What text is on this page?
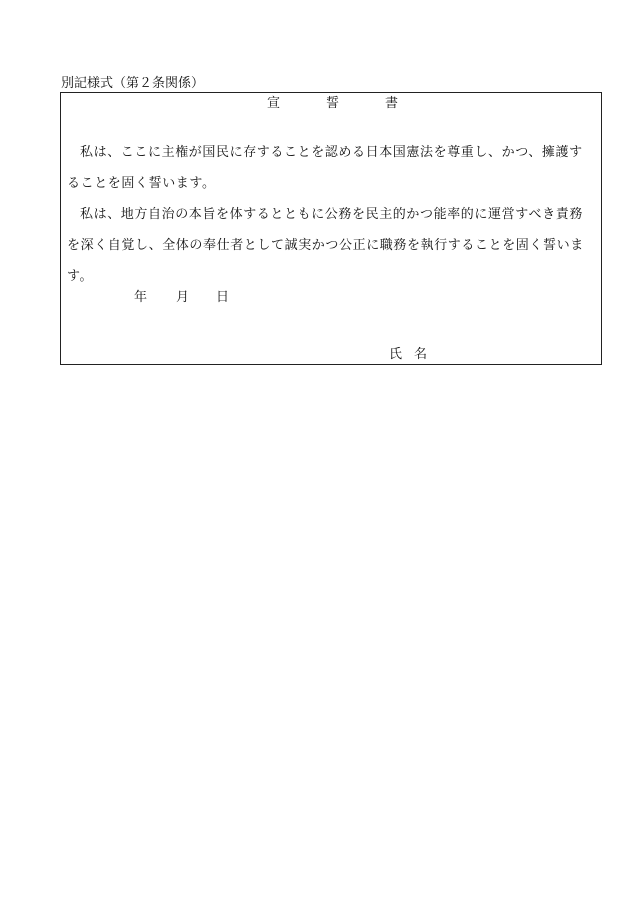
別記様式（第２条関係）
宣	誓	書

私は、ここに主権が国民に存することを認める日本国憲法を尊重し、かつ、擁護することを固く誓います。

私は、地方自治の本旨を体するとともに公務を民主的かつ能率的に運営すべき責務を深く自覚し、全体の奉仕者として誠実かつ公正に職務を執行することを固く誓います。

年 月 日
氏 名
